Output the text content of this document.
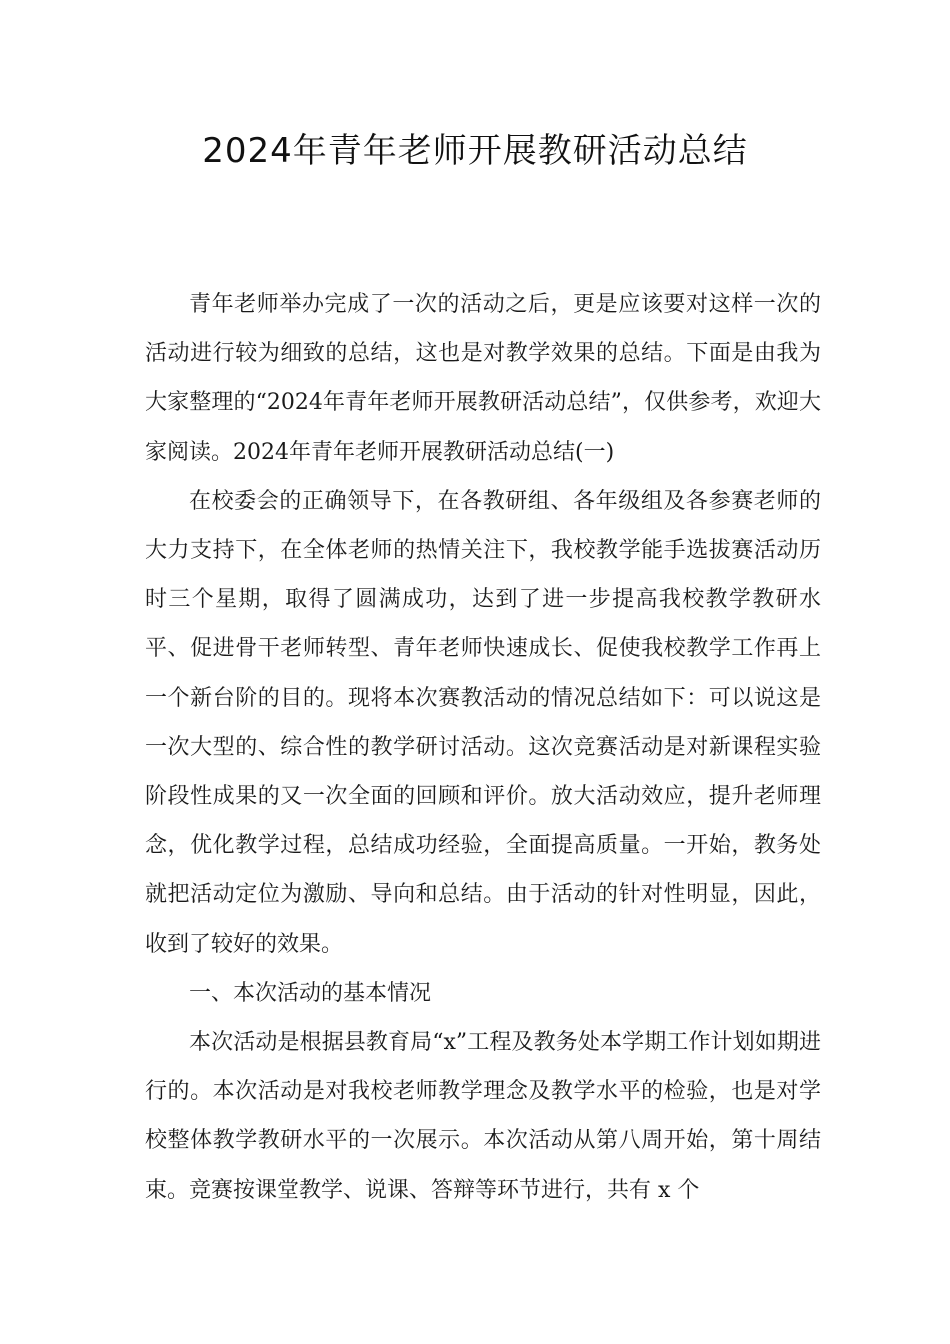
2024年青年老师开展教研活动总结

青年老师举办完成了一次的活动之后，更是应该要对这样一次的活动进行较为细致的总结，这也是对教学效果的总结。下面是由我为大家整理的“2024年青年老师开展教研活动总结”，仅供参考，欢迎大家阅读。2024年青年老师开展教研活动总结(一)

在校委会的正确领导下，在各教研组、各年级组及各参赛老师的大力支持下，在全体老师的热情关注下，我校教学能手选拔赛活动历时三个星期，取得了圆满成功，达到了进一步提高我校教学教研水平、促进骨干老师转型、青年老师快速成长、促使我校教学工作再上一个新台阶的目的。现将本次赛教活动的情况总结如下：可以说这是一次大型的、综合性的教学研讨活动。这次竞赛活动是对新课程实验阶段性成果的又一次全面的回顾和评价。放大活动效应，提升老师理念，优化教学过程，总结成功经验，全面提高质量。一开始，教务处就把活动定位为激励、导向和总结。由于活动的针对性明显，因此，收到了较好的效果。

一、本次活动的基本情况

本次活动是根据县教育局“x”工程及教务处本学期工作计划如期进行的。本次活动是对我校老师教学理念及教学水平的检验，也是对学校整体教学教研水平的一次展示。本次活动从第八周开始，第十周结束。竞赛按课堂教学、说课、答辩等环节进行，共有 x 个
